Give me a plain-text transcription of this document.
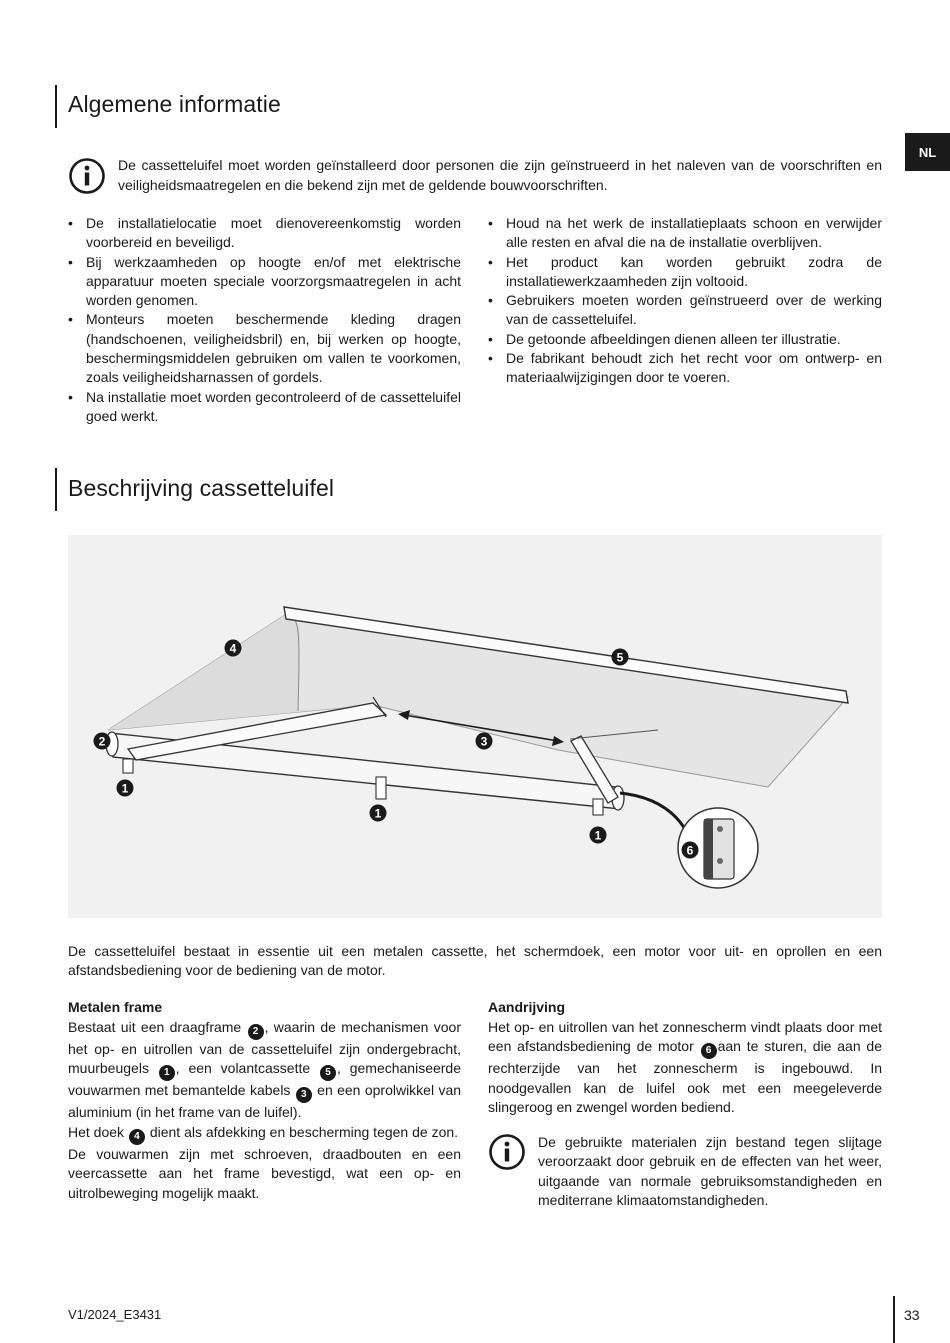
NL
Algemene informatie

De cassetteluifel moet worden geïnstalleerd door personen die zijn geïnstrueerd in het naleven van de voorschriften en veiligheidsmaatregelen en die bekend zijn met de geldende bouwvoorschriften.

• De installatielocatie moet dienovereenkomstig worden voorbereid en beveiligd.
• Bij werkzaamheden op hoogte en/of met elektrische apparatuur moeten speciale voorzorgsmaatregelen in acht worden genomen.
• Monteurs moeten beschermende kleding dragen (handschoenen, veiligheidsbril) en, bij werken op hoogte, beschermingsmiddelen gebruiken om vallen te voorkomen, zoals veiligheidsharnassen of gordels.
• Na installatie moet worden gecontroleerd of de cassetteluifel goed werkt.
• Houd na het werk de installatieplaats schoon en verwijder alle resten en afval die na de installatie overblijven.
• Het product kan worden gebruikt zodra de installatiewerkzaamheden zijn voltooid.
• Gebruikers moeten worden geïnstrueerd over de werking van de cassetteluifel.
• De getoonde afbeeldingen dienen alleen ter illustratie.
• De fabrikant behoudt zich het recht voor om ontwerp- en materiaalwijzigingen door te voeren.
Beschrijving cassetteluifel
4
5
2	3
1
1
1
6

De cassetteluifel bestaat in essentie uit een metalen cassette, het schermdoek, een motor voor uit- en oprollen en een afstandsbediening voor de bediening van de motor.

Metalen frame

Bestaat uit een draagframe 2 , waarin de mechanismen voor het op- en uitrollen van de cassetteluifel zijn ondergebracht, muurbeugels 1 , een volantcassette 5 , gemechaniseerde vouwarmen met bemantelde kabels 3 en een oprolwikkel van aluminium (in het frame van de luifel).
Het doek 4 dient als afdekking en bescherming tegen de zon.
De vouwarmen zijn met schroeven, draadbouten en een veercassette aan het frame bevestigd, wat een op- en uitrolbeweging mogelijk maakt.

Aandrijving

Het op- en uitrollen van het zonnescherm vindt plaats door met een afstandsbediening de motor 6 aan te sturen, die aan de rechterzijde van het zonnescherm is ingebouwd. In noodgevallen kan de luifel ook met een meegeleverde slingeroog en zwengel worden bediend.

De gebruikte materialen zijn bestand tegen slijtage veroorzaakt door gebruik en de effecten van het weer, uitgaande van normale gebruiksomstandigheden en mediterrane klimaatomstandigheden.

V1/2024_E3431	33
